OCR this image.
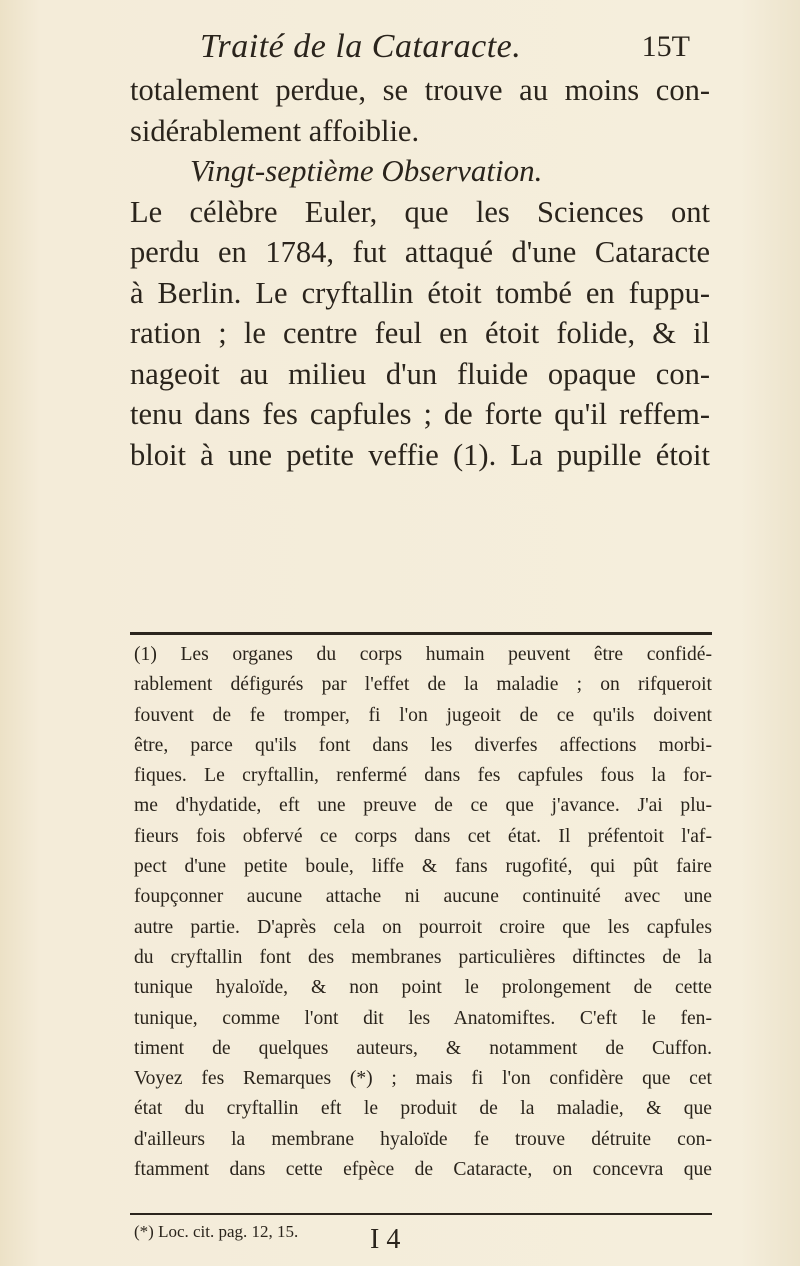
Traité de la Cataracte.	15T
totalement perdue, se trouve au moins con-
sidérablement affoiblie.
Vingt-septième Observation.
Le célèbre Euler, que les Sciences ont
perdu en 1784, fut attaqué d'une Cataracte
à Berlin. Le cryftallin étoit tombé en fuppu-
ration ; le centre feul en étoit folide, & il
nageoit au milieu d'un fluide opaque con-
tenu dans fes capfules ; de forte qu'il reffem-
bloit à une petite veffie (1). La pupille étoit
(1) Les organes du corps humain peuvent être confidé-
rablement défigurés par l'effet de la maladie ; on rifqueroit
fouvent de fe tromper, fi l'on jugeoit de ce qu'ils doivent
être, parce qu'ils font dans les diverfes affections morbi-
fiques. Le cryftallin, renfermé dans fes capfules fous la for-
me d'hydatide, eft une preuve de ce que j'avance. J'ai plu-
fieurs fois obfervé ce corps dans cet état. Il préfentoit l'af-
pect d'une petite boule, liffe & fans rugofité, qui pût faire
foupçonner aucune attache ni aucune continuité avec une
autre partie. D'après cela on pourroit croire que les capfules
du cryftallin font des membranes particulières diftinctes de la
tunique hyaloïde, & non point le prolongement de cette
tunique, comme l'ont dit les Anatomiftes. C'eft le fen-
timent de quelques auteurs, & notamment de Cuffon.
Voyez fes Remarques (*) ; mais fi l'on confidère que cet
état du cryftallin eft le produit de la maladie, & que
d'ailleurs la membrane hyaloïde fe trouve détruite con-
ftamment dans cette efpèce de Cataracte, on concevra que
(*) Loc. cit. pag. 12, 15.	I 4
